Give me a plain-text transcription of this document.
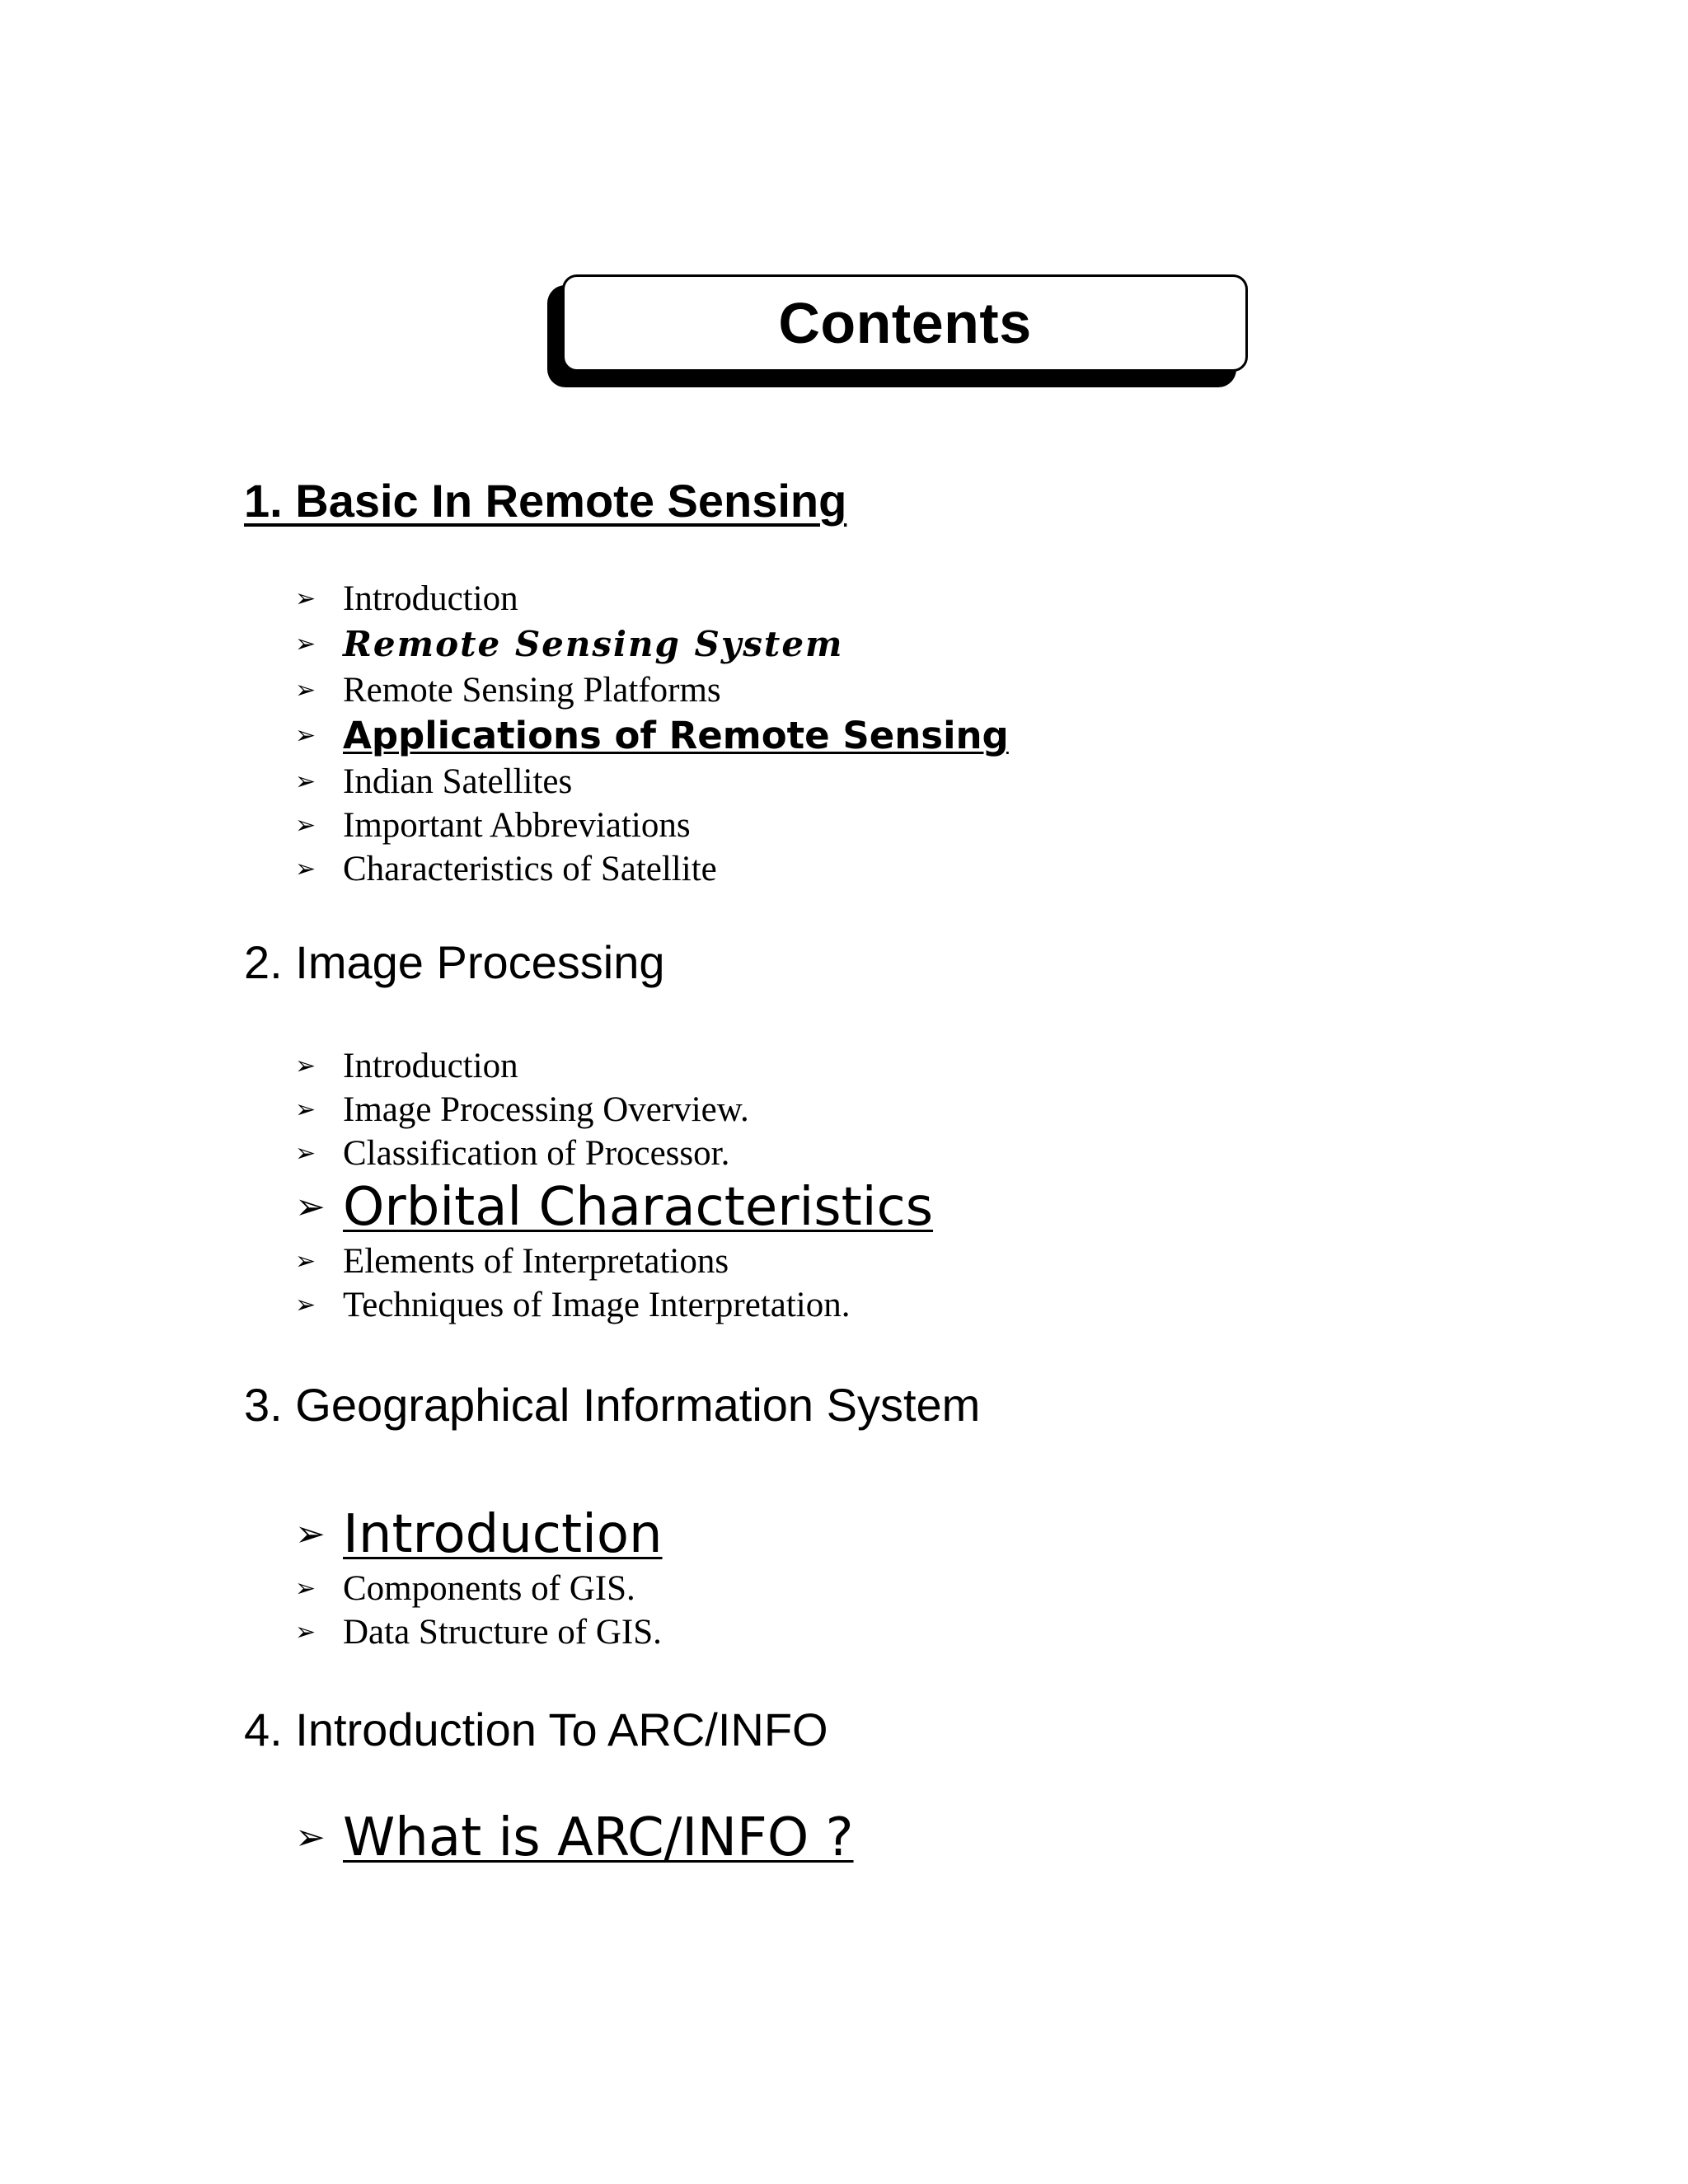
Contents
1. Basic In Remote Sensing
➢ Introduction
➢ Remote Sensing System
➢ Remote Sensing Platforms
➢ Applications of Remote Sensing
➢ Indian Satellites
➢ Important Abbreviations
➢ Characteristics of Satellite
2. Image Processing
➢ Introduction
➢ Image Processing Overview.
➢ Classification of Processor.
➢ Orbital Characteristics
➢ Elements of Interpretations
➢ Techniques of Image Interpretation.
3. Geographical Information System
➢ Introduction
➢ Components of GIS.
➢ Data Structure of GIS.
4. Introduction To ARC/INFO
➢ What is ARC/INFO ?
